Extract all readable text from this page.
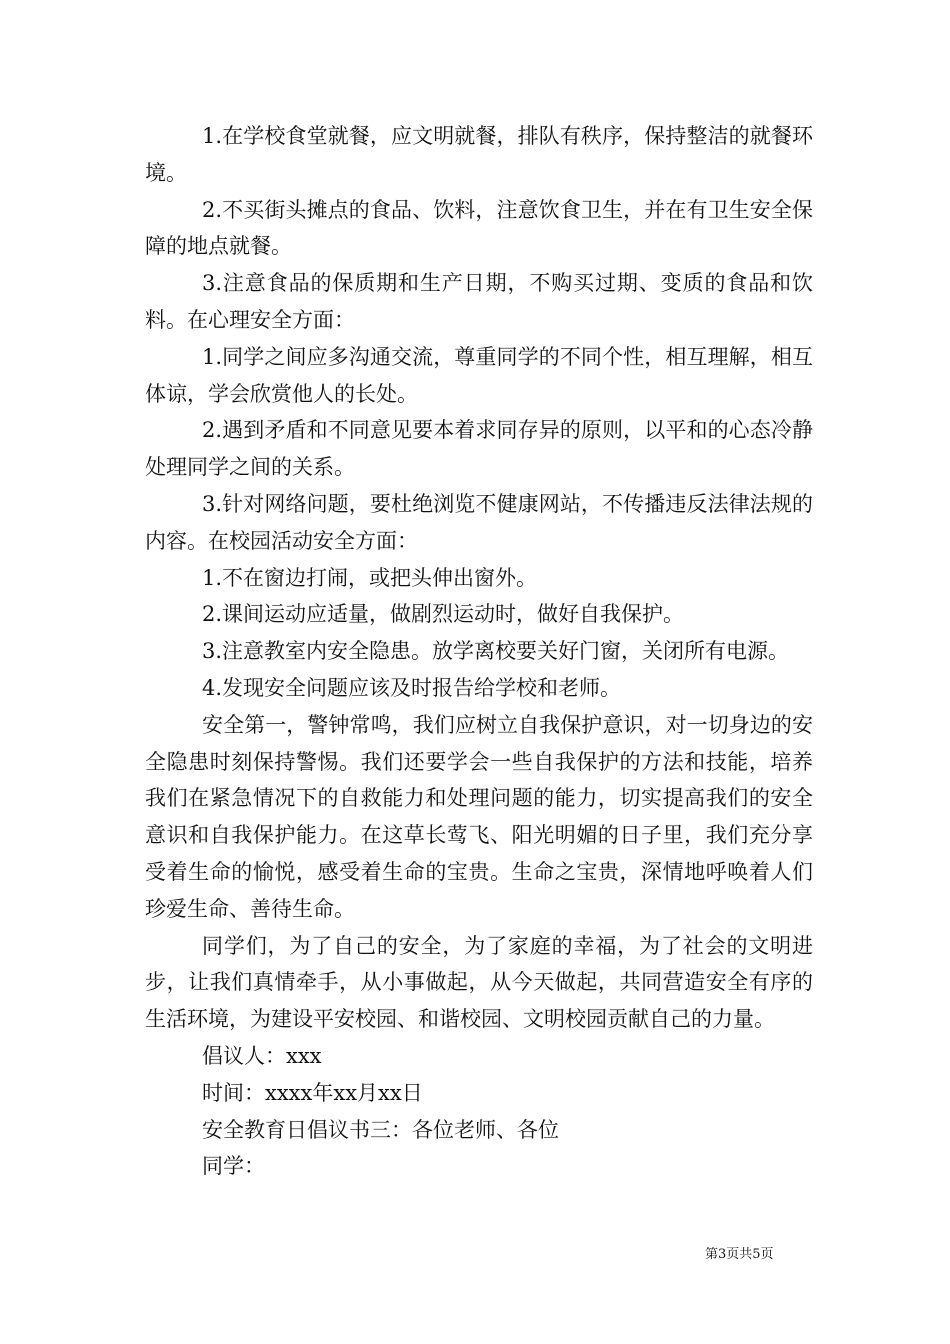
1.在学校食堂就餐，应文明就餐，排队有秩序，保持整洁的就餐环境。

2.不买街头摊点的食品、饮料，注意饮食卫生，并在有卫生安全保障的地点就餐。

3.注意食品的保质期和生产日期，不购买过期、变质的食品和饮料。在心理安全方面：

1.同学之间应多沟通交流，尊重同学的不同个性，相互理解，相互体谅，学会欣赏他人的长处。

2.遇到矛盾和不同意见要本着求同存异的原则，以平和的心态冷静处理同学之间的关系。

3.针对网络问题，要杜绝浏览不健康网站，不传播违反法律法规的内容。在校园活动安全方面：

1.不在窗边打闹，或把头伸出窗外。

2.课间运动应适量，做剧烈运动时，做好自我保护。

3.注意教室内安全隐患。放学离校要关好门窗，关闭所有电源。

4.发现安全问题应该及时报告给学校和老师。

安全第一，警钟常鸣，我们应树立自我保护意识，对一切身边的安全隐患时刻保持警惕。我们还要学会一些自我保护的方法和技能，培养我们在紧急情况下的自救能力和处理问题的能力，切实提高我们的安全意识和自我保护能力。在这草长莺飞、阳光明媚的日子里，我们充分享受着生命的愉悦，感受着生命的宝贵。生命之宝贵，深情地呼唤着人们珍爱生命、善待生命。

同学们，为了自己的安全，为了家庭的幸福，为了社会的文明进步，让我们真情牵手，从小事做起，从今天做起，共同营造安全有序的生活环境，为建设平安校园、和谐校园、文明校园贡献自己的力量。

倡议人：xxx

时间：xxxx年xx月xx日

安全教育日倡议书三：各位老师、各位

同学：

第3页共5页
